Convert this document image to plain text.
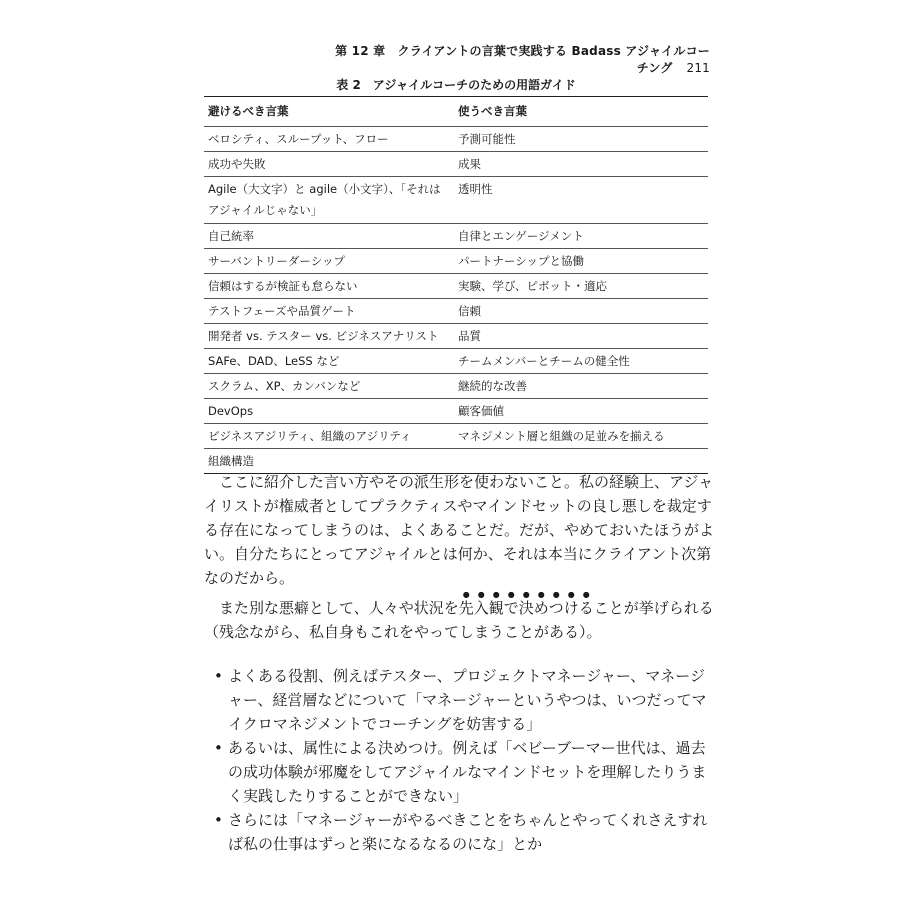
第 12 章　クライアントの言葉で実践する Badass アジャイルコーチング 211
表 2　アジャイルコーチのための用語ガイド
避けるべき言葉	使うべき言葉
ベロシティ、スループット、フロー	予測可能性
成功や失敗	成果
Agile（大文字）と agile（小文字）、「それはアジャイルじゃない」	透明性
自己統率	自律とエンゲージメント
サーバントリーダーシップ	パートナーシップと協働
信頼はするが検証も怠らない	実験、学び、ピボット・適応
テストフェーズや品質ゲート	信頼
開発者 vs. テスター vs. ビジネスアナリスト	品質
SAFe、DAD、LeSS など	チームメンバーとチームの健全性
スクラム、XP、カンバンなど	継続的な改善
DevOps	顧客価値
ビジネスアジリティ、組織のアジリティ	マネジメント層と組織の足並みを揃える
組織構造	

ここに紹介した言い方やその派生形を使わないこと。私の経験上、アジャイリストが権威者としてプラクティスやマインドセットの良し悪しを裁定する存在になってしまうのは、よくあることだ。だが、やめておいたほうがよい。自分たちにとってアジャイルとは何か、それは本当にクライアント次第なのだから。

また別な悪癖として、人々や状況を先入観で決めつけることが挙げられる（残念ながら、私自身もこれをやってしまうことがある）。

• よくある役割、例えばテスター、プロジェクトマネージャー、マネージャー、経営層などについて「マネージャーというやつは、いつだってマイクロマネジメントでコーチングを妨害する」
• あるいは、属性による決めつけ。例えば「ベビーブーマー世代は、過去の成功体験が邪魔をしてアジャイルなマインドセットを理解したりうまく実践したりすることができない」
• さらには「マネージャーがやるべきことをちゃんとやってくれさえすれば私の仕事はずっと楽になるなるのにな」とか
